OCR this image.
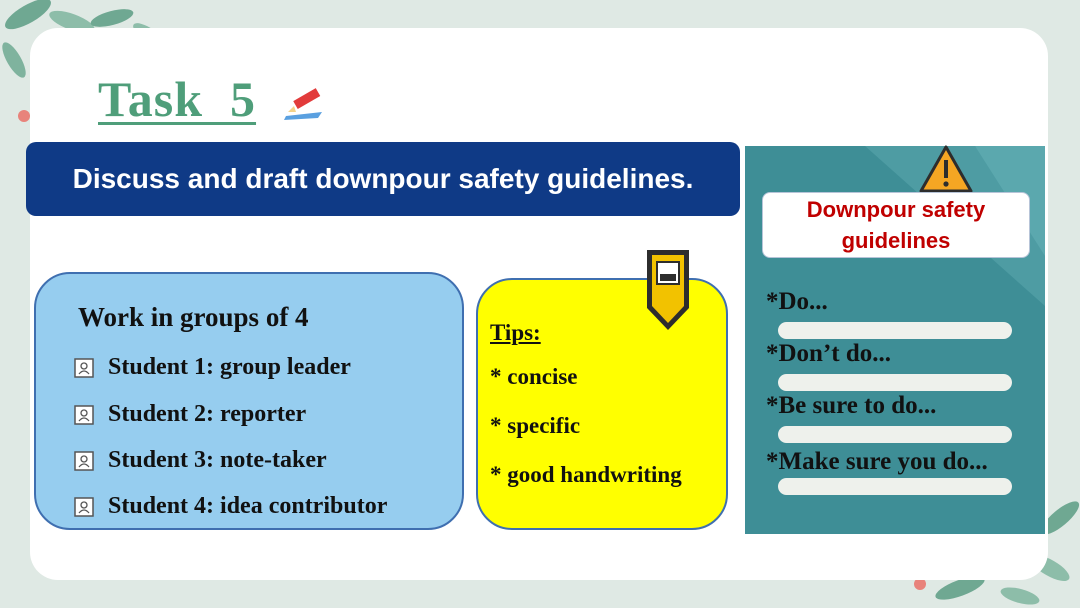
Task  5
Discuss and draft downpour safety guidelines.
Work in groups of 4
Student 1: group leader
Student 2: reporter
Student 3: note-taker
Student 4: idea contributor
Tips:
* concise
* specific
* good handwriting
Downpour safety
guidelines
*Do...
*Don’t do...
*Be sure to do...
*Make sure you do...
